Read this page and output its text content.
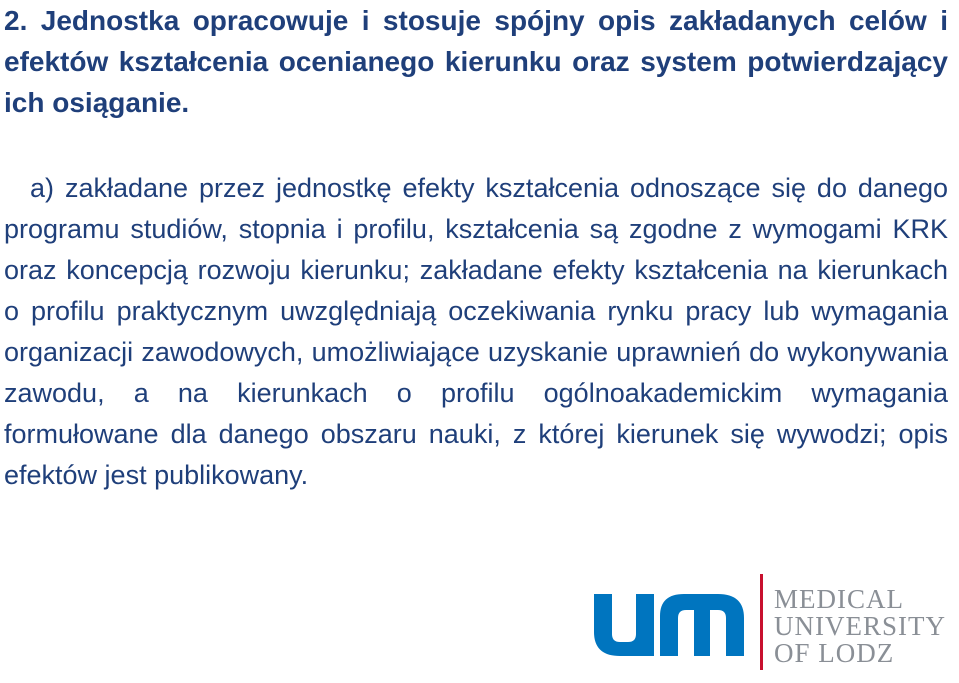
2. Jednostka opracowuje i stosuje spójny opis zakładanych celów i efektów kształcenia ocenianego kierunku oraz system potwierdzający ich osiąganie.

a) zakładane przez jednostkę efekty kształcenia odnoszące się do danego programu studiów, stopnia i profilu, kształcenia są zgodne z wymogami KRK oraz koncepcją rozwoju kierunku; zakładane efekty kształcenia na kierunkach o profilu praktycznym uwzględniają oczekiwania rynku pracy lub wymagania organizacji zawodowych, umożliwiające uzyskanie uprawnień do wykonywania zawodu, a na kierunkach o profilu ogólnoakademickim wymagania formułowane dla danego obszaru nauki, z której kierunek się wywodzi; opis efektów jest publikowany.

MEDICAL
UNIVERSITY
OF LODZ
